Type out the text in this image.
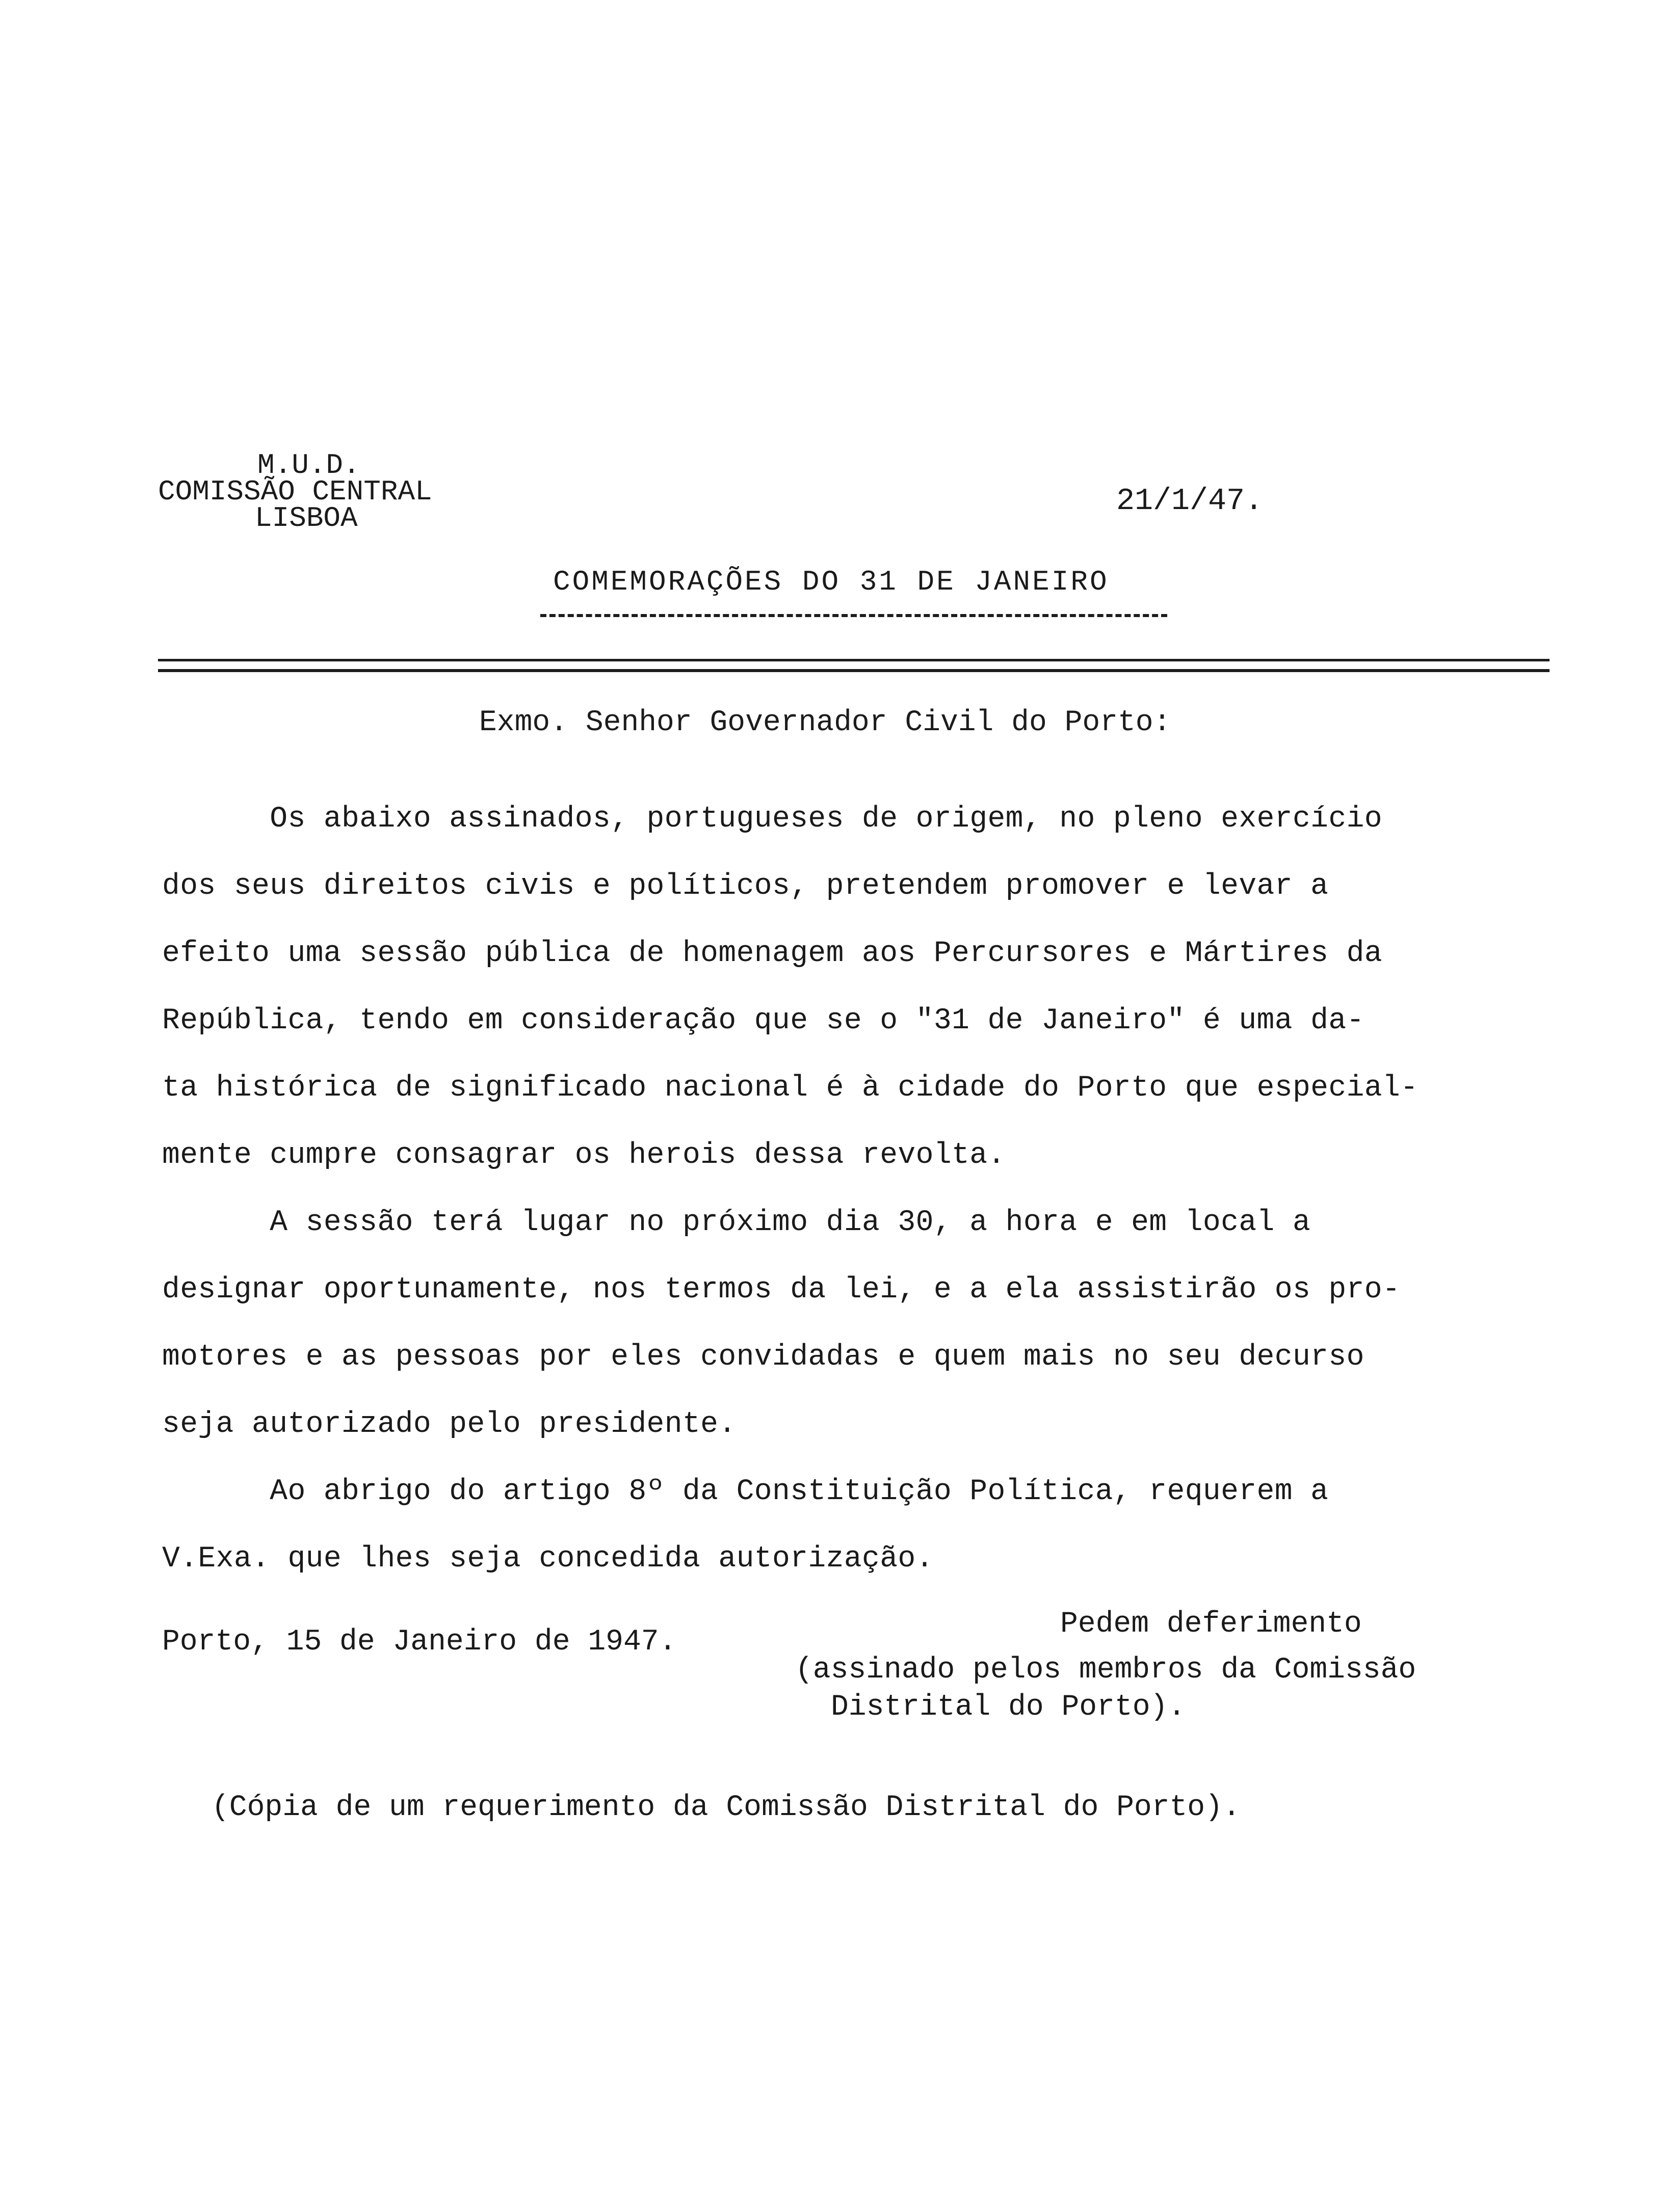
M.U.D.
COMISSÃO CENTRAL
LISBOA	21/1/47.
COMEMORAÇÕES DO 31 DE JANEIRO
Exmo. Senhor Governador Civil do Porto:
Os abaixo assinados, portugueses de origem, no pleno exercício
dos seus direitos civis e políticos, pretendem promover e levar a
efeito uma sessão pública de homenagem aos Percursores e Mártires da
República, tendo em consideração que se o "31 de Janeiro" é uma da-
ta histórica de significado nacional é à cidade do Porto que especial-
mente cumpre consagrar os herois dessa revolta.
A sessão terá lugar no próximo dia 30, a hora e em local a
designar oportunamente, nos termos da lei, e a ela assistirão os pro-
motores e as pessoas por eles convidadas e quem mais no seu decurso
seja autorizado pelo presidente.
Ao abrigo do artigo 8º da Constituição Política, requerem a
V.Exa. que lhes seja concedida autorização.
Pedem deferimento
Porto, 15 de Janeiro de 1947.
(assinado pelos membros da Comissão
Distrital do Porto).
(Cópia de um requerimento da Comissão Distrital do Porto).
